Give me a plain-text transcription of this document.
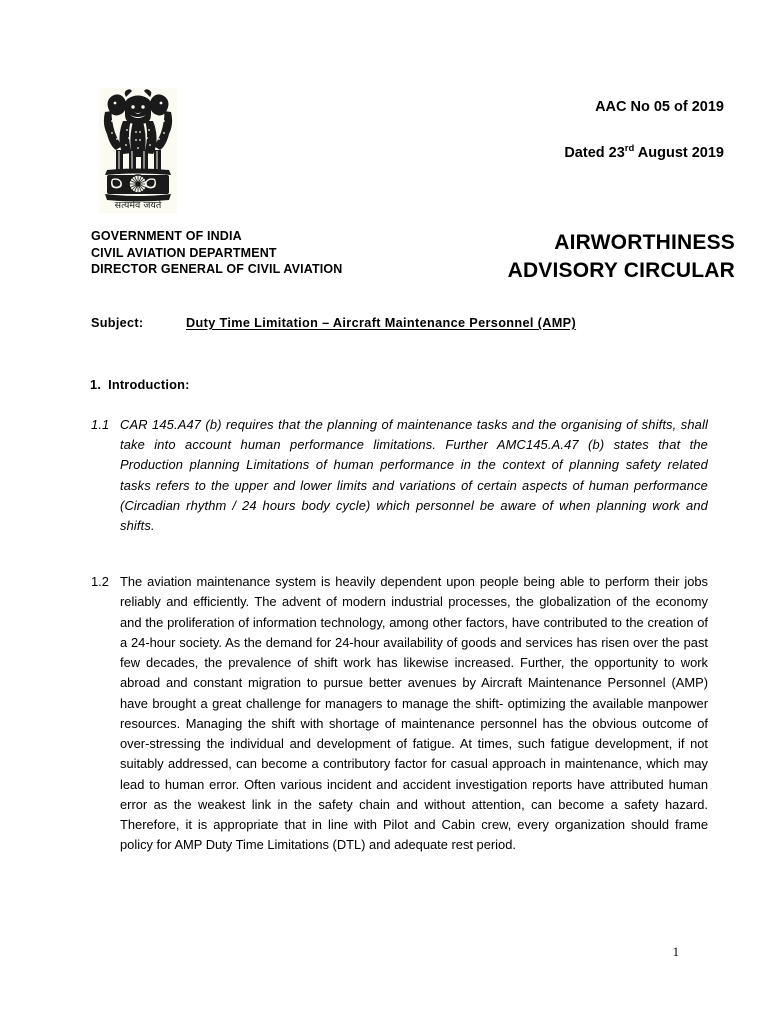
सत्यमेव जयते
AAC No 05 of 2019
Dated 23rd August 2019
GOVERNMENT OF INDIA
CIVIL AVIATION DEPARTMENT
DIRECTOR GENERAL OF CIVIL AVIATION
AIRWORTHINESS
ADVISORY CIRCULAR
Subject:	Duty Time Limitation – Aircraft Maintenance Personnel (AMP)
1. Introduction:
1.1 CAR 145.A47 (b) requires that the planning of maintenance tasks and the organising of shifts, shall take into account human performance limitations. Further AMC145.A.47 (b) states that the Production planning Limitations of human performance in the context of planning safety related tasks refers to the upper and lower limits and variations of certain aspects of human performance (Circadian rhythm / 24 hours body cycle) which personnel be aware of when planning work and shifts.
1.2 The aviation maintenance system is heavily dependent upon people being able to perform their jobs reliably and efficiently. The advent of modern industrial processes, the globalization of the economy and the proliferation of information technology, among other factors, have contributed to the creation of a 24-hour society. As the demand for 24-hour availability of goods and services has risen over the past few decades, the prevalence of shift work has likewise increased. Further, the opportunity to work abroad and constant migration to pursue better avenues by Aircraft Maintenance Personnel (AMP) have brought a great challenge for managers to manage the shift- optimizing the available manpower resources. Managing the shift with shortage of maintenance personnel has the obvious outcome of over-stressing the individual and development of fatigue. At times, such fatigue development, if not suitably addressed, can become a contributory factor for casual approach in maintenance, which may lead to human error. Often various incident and accident investigation reports have attributed human error as the weakest link in the safety chain and without attention, can become a safety hazard. Therefore, it is appropriate that in line with Pilot and Cabin crew, every organization should frame policy for AMP Duty Time Limitations (DTL) and adequate rest period.
1
